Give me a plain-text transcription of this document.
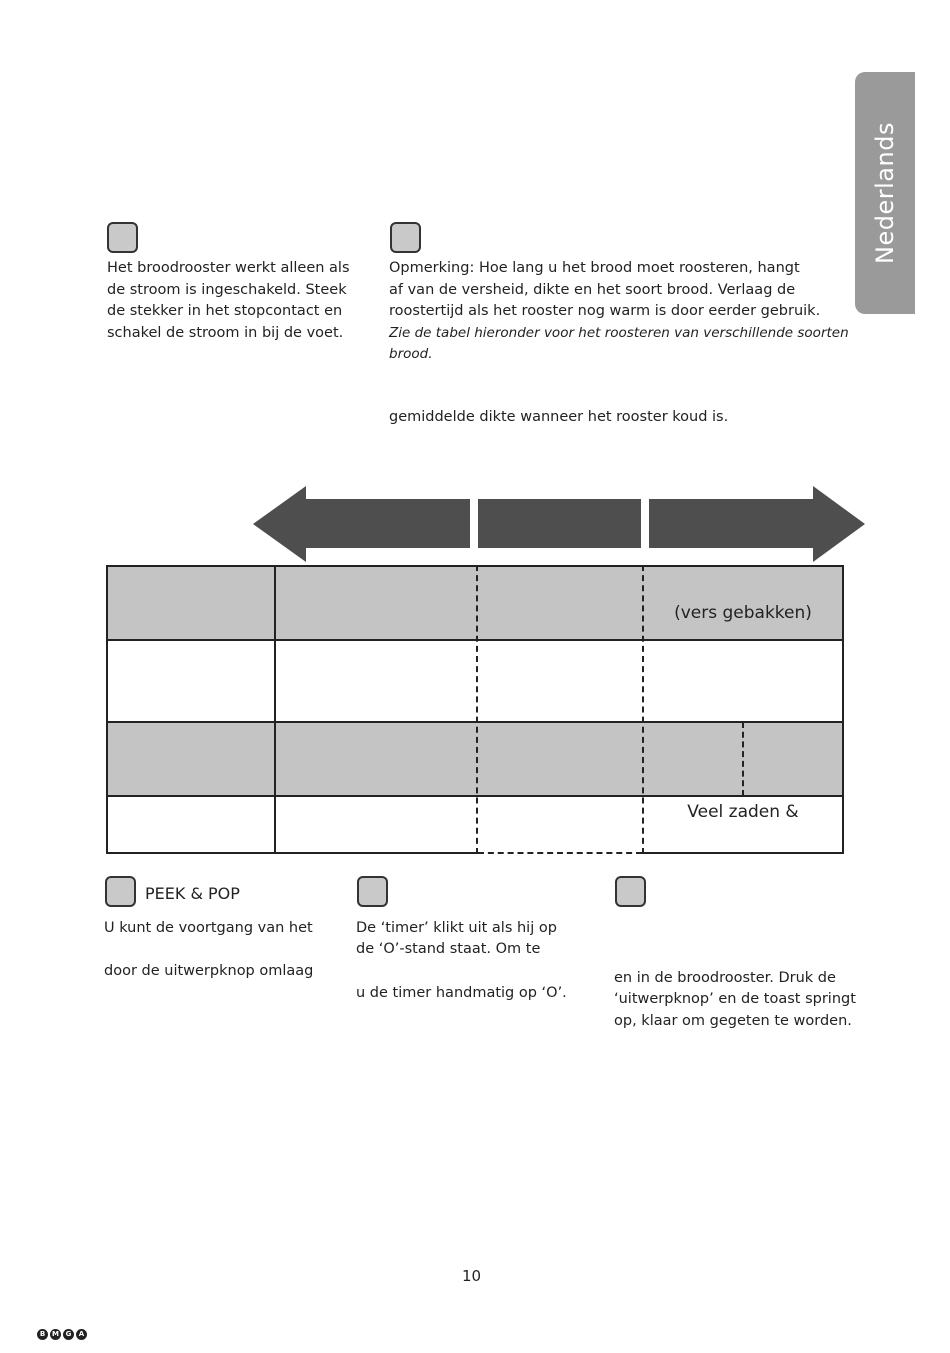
Nederlands
Het broodrooster werkt alleen als
de stroom is ingeschakeld. Steek
de stekker in het stopcontact en
schakel de stroom in bij de voet.
Opmerking: Hoe lang u het brood moet roosteren, hangt
af van de versheid, dikte en het soort brood. Verlaag de
roostertijd als het rooster nog warm is door eerder gebruik.
Zie de tabel hieronder voor het roosteren van verschillende soorten
brood.
gemiddelde dikte wanneer het rooster koud is.
(vers gebakken)
Veel zaden &
PEEK & POP
U kunt de voortgang van het
door de uitwerpknop omlaag
De ‘timer’ klikt uit als hij op
de ‘O’-stand staat. Om te
u de timer handmatig op ‘O’.
en in de broodrooster. Druk de
‘uitwerpknop’ en de toast springt
op, klaar om gegeten te worden.
10
B M G	A
